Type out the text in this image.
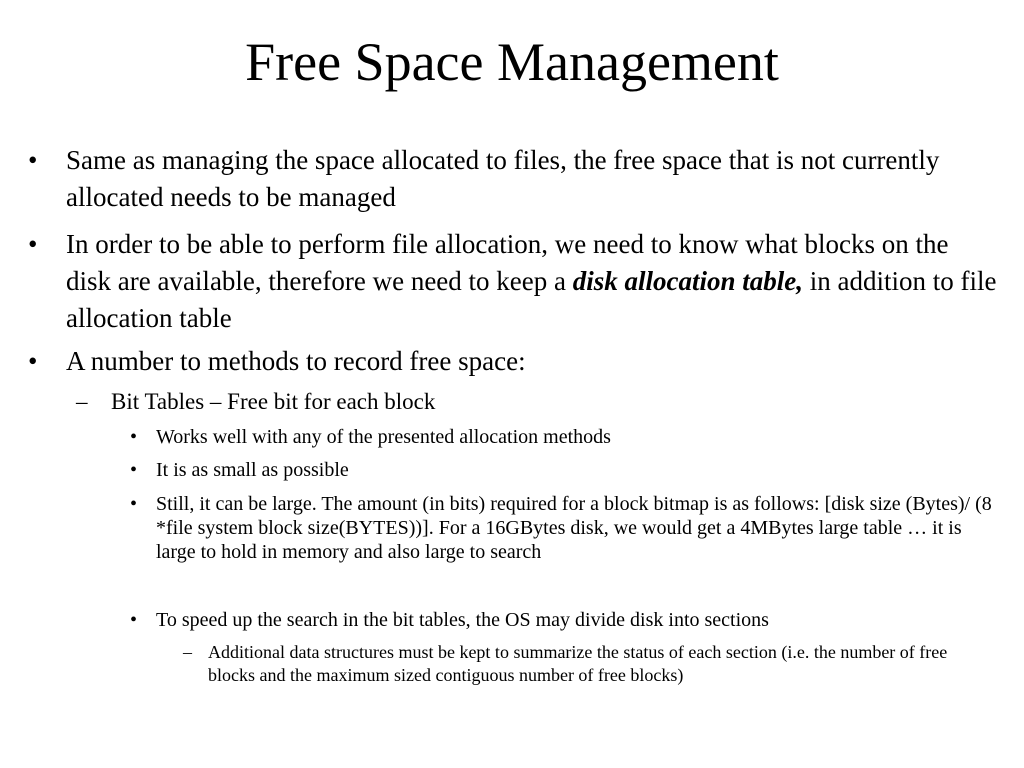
Free Space Management
• Same as managing the space allocated to files, the free space that is not currently allocated needs to be managed
• In order to be able to perform file allocation, we need to know what blocks on the disk are available, therefore we need to keep a disk allocation table, in addition to file allocation table
• A number to methods to record free space:
– Bit Tables – Free bit for each block
• Works well with any of the presented allocation methods
• It is as small as possible
• Still, it can be large. The amount (in bits) required for a block bitmap is as follows: [disk size (Bytes)/ (8 *file system block size(BYTES))]. For a 16GBytes disk, we would get a 4MBytes large table … it is large to hold in memory and also large to search
• To speed up the search in the bit tables, the OS may divide disk into sections
– Additional data structures must be kept to summarize the status of each section (i.e. the number of free blocks and the maximum sized contiguous number of free blocks)
